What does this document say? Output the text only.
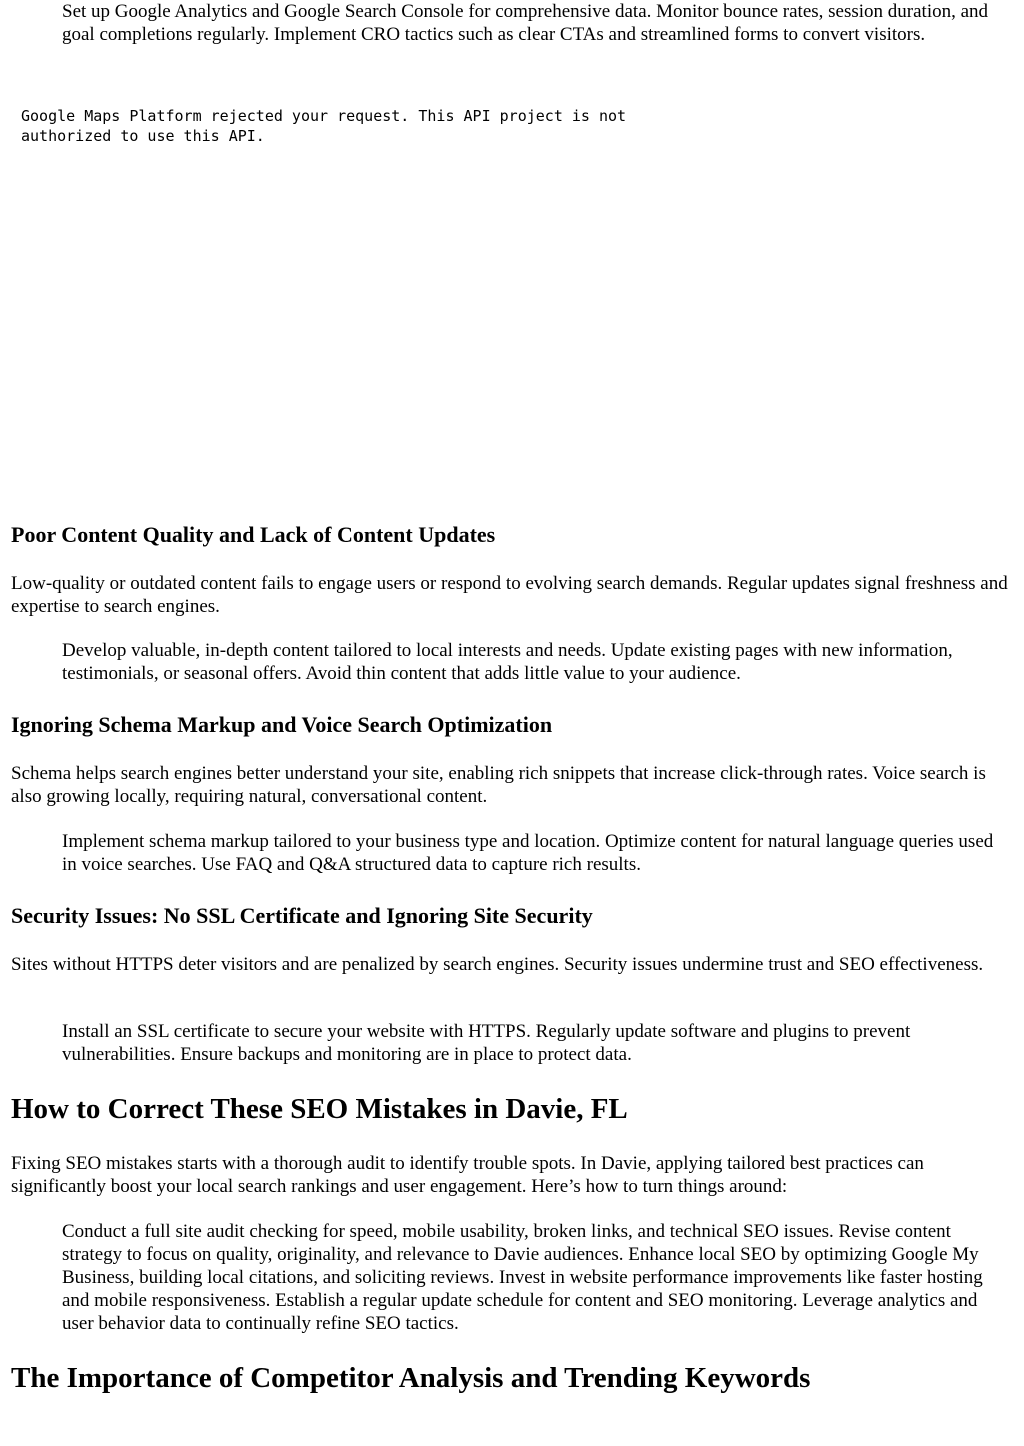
Set up Google Analytics and Google Search Console for comprehensive data. Monitor bounce rates, session duration, and goal completions regularly. Implement CRO tactics such as clear CTAs and streamlined forms to convert visitors.

Google Maps Platform rejected your request. This API project is not authorized to use this API.

Poor Content Quality and Lack of Content Updates

Low-quality or outdated content fails to engage users or respond to evolving search demands. Regular updates signal freshness and expertise to search engines.

Develop valuable, in-depth content tailored to local interests and needs. Update existing pages with new information, testimonials, or seasonal offers. Avoid thin content that adds little value to your audience.

Ignoring Schema Markup and Voice Search Optimization

Schema helps search engines better understand your site, enabling rich snippets that increase click-through rates. Voice search is also growing locally, requiring natural, conversational content.

Implement schema markup tailored to your business type and location. Optimize content for natural language queries used in voice searches. Use FAQ and Q&A structured data to capture rich results.

Security Issues: No SSL Certificate and Ignoring Site Security

Sites without HTTPS deter visitors and are penalized by search engines. Security issues undermine trust and SEO effectiveness.

Install an SSL certificate to secure your website with HTTPS. Regularly update software and plugins to prevent vulnerabilities. Ensure backups and monitoring are in place to protect data.

How to Correct These SEO Mistakes in Davie, FL

Fixing SEO mistakes starts with a thorough audit to identify trouble spots. In Davie, applying tailored best practices can significantly boost your local search rankings and user engagement. Here’s how to turn things around:

Conduct a full site audit checking for speed, mobile usability, broken links, and technical SEO issues. Revise content strategy to focus on quality, originality, and relevance to Davie audiences. Enhance local SEO by optimizing Google My Business, building local citations, and soliciting reviews. Invest in website performance improvements like faster hosting and mobile responsiveness. Establish a regular update schedule for content and SEO monitoring. Leverage analytics and user behavior data to continually refine SEO tactics.

The Importance of Competitor Analysis and Trending Keywords
